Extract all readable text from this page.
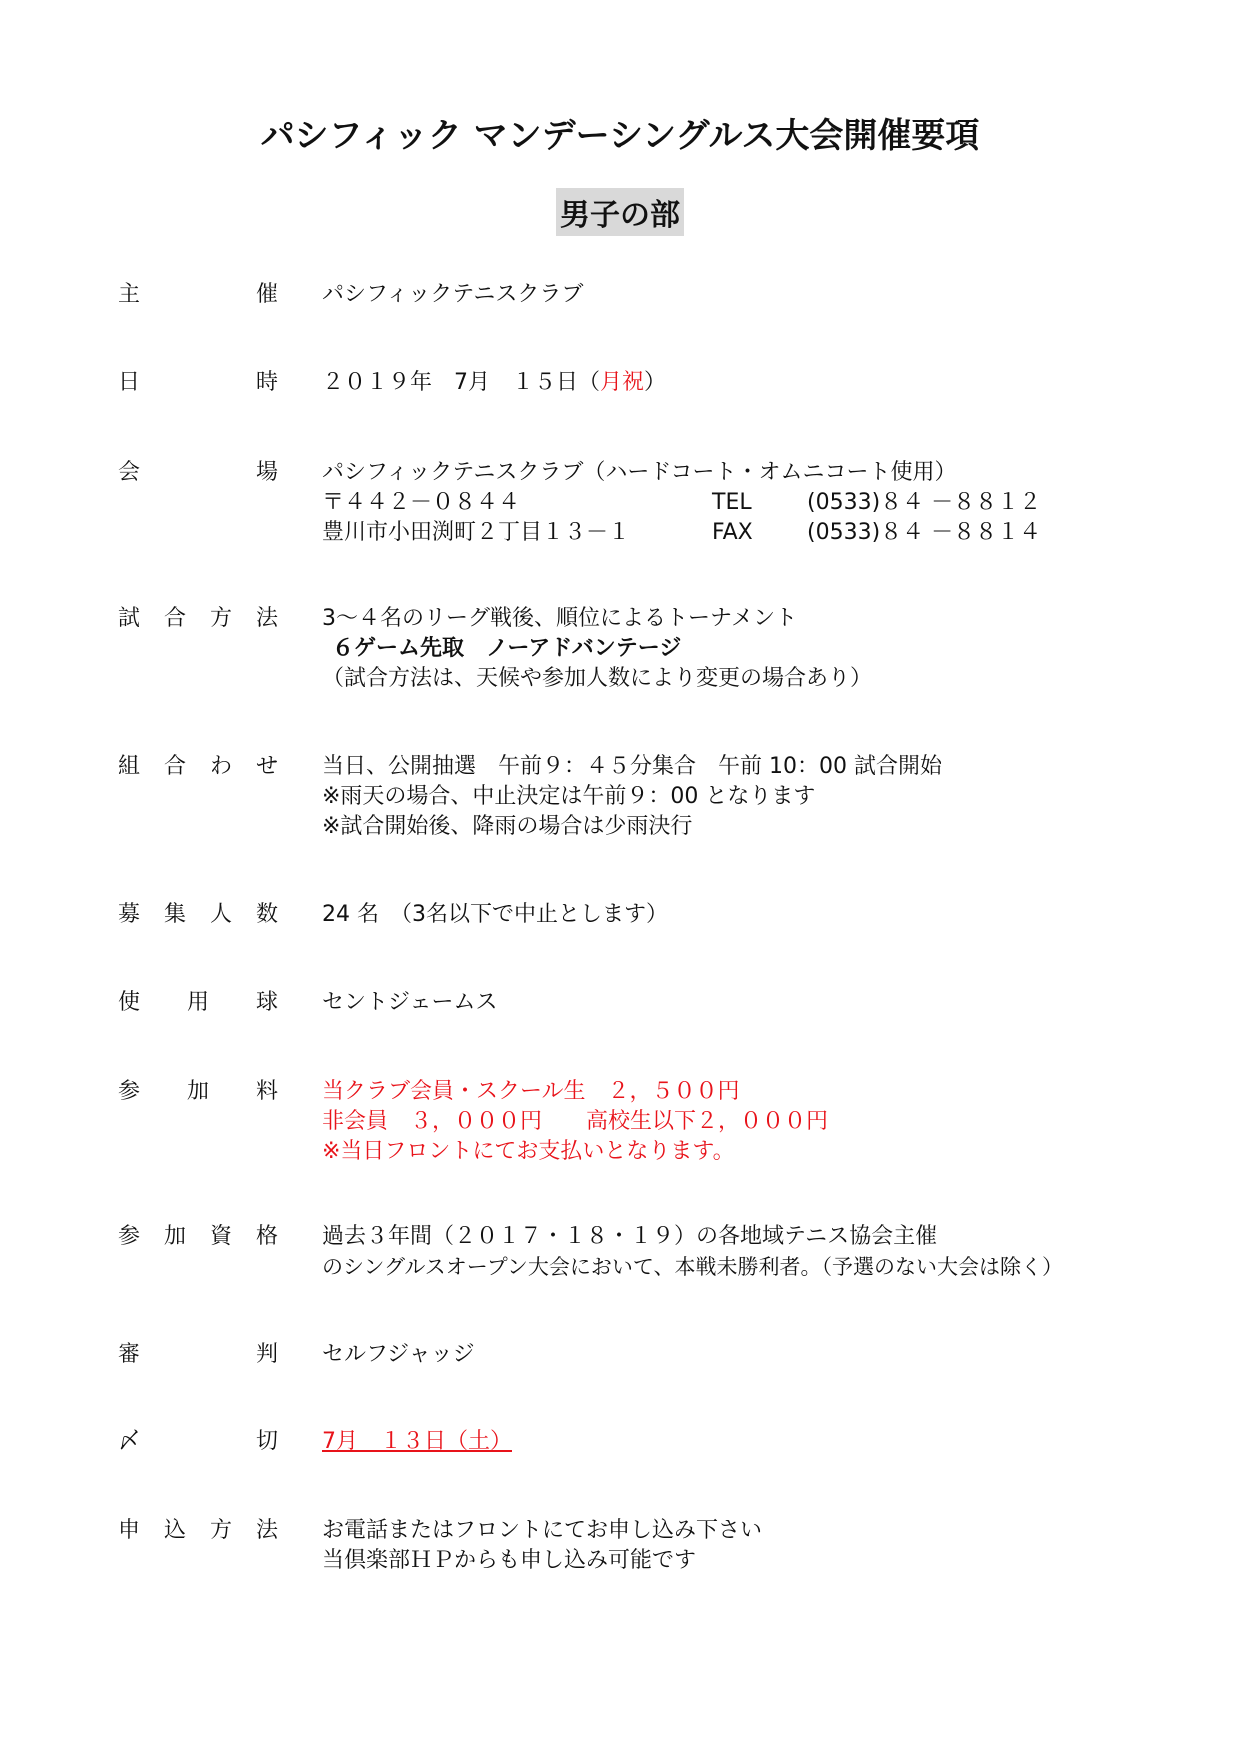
パシフィック マンデーシングルス大会開催要項
男子の部
主	催 パシフィックテニスクラブ
日	時 ２０１９年　7月　１５日（月祝）
会	場 パシフィックテニスクラブ（ハードコート・オムニコート使用）
〒４４２－０８４４	TEL	(0533)８４ －８８１２
豊川市小田渕町２丁目１３－１	FAX	(0533)８４ －８８１４
試 合 方 法 3～４名のリーグ戦後、順位によるトーナメント
６ゲーム先取　ノーアドバンテージ
（試合方法は、天候や参加人数により変更の場合あり）
組 合 わ せ 当日、公開抽選　午前９：４５分集合　午前 10：00 試合開始
※雨天の場合、中止決定は午前９：00 となります
※試合開始後、降雨の場合は少雨決行
募 集 人 数 24 名　（3名以下で中止とします）
使 用 球 セントジェームス
参 加 料 当クラブ会員・スクール生　２，５００円
非会員　３，０００円　　高校生以下２，０００円
※当日フロントにてお支払いとなります。
参 加 資 格 過去３年間（２０１７・１８・１９）の各地域テニス協会主催
のシングルスオープン大会において、本戦未勝利者。（予選のない大会は除く）
審	判 セルフジャッジ
〆	切 7月　１３日（土）
申 込 方 法 お電話またはフロントにてお申し込み下さい
当倶楽部ＨＰからも申し込み可能です
